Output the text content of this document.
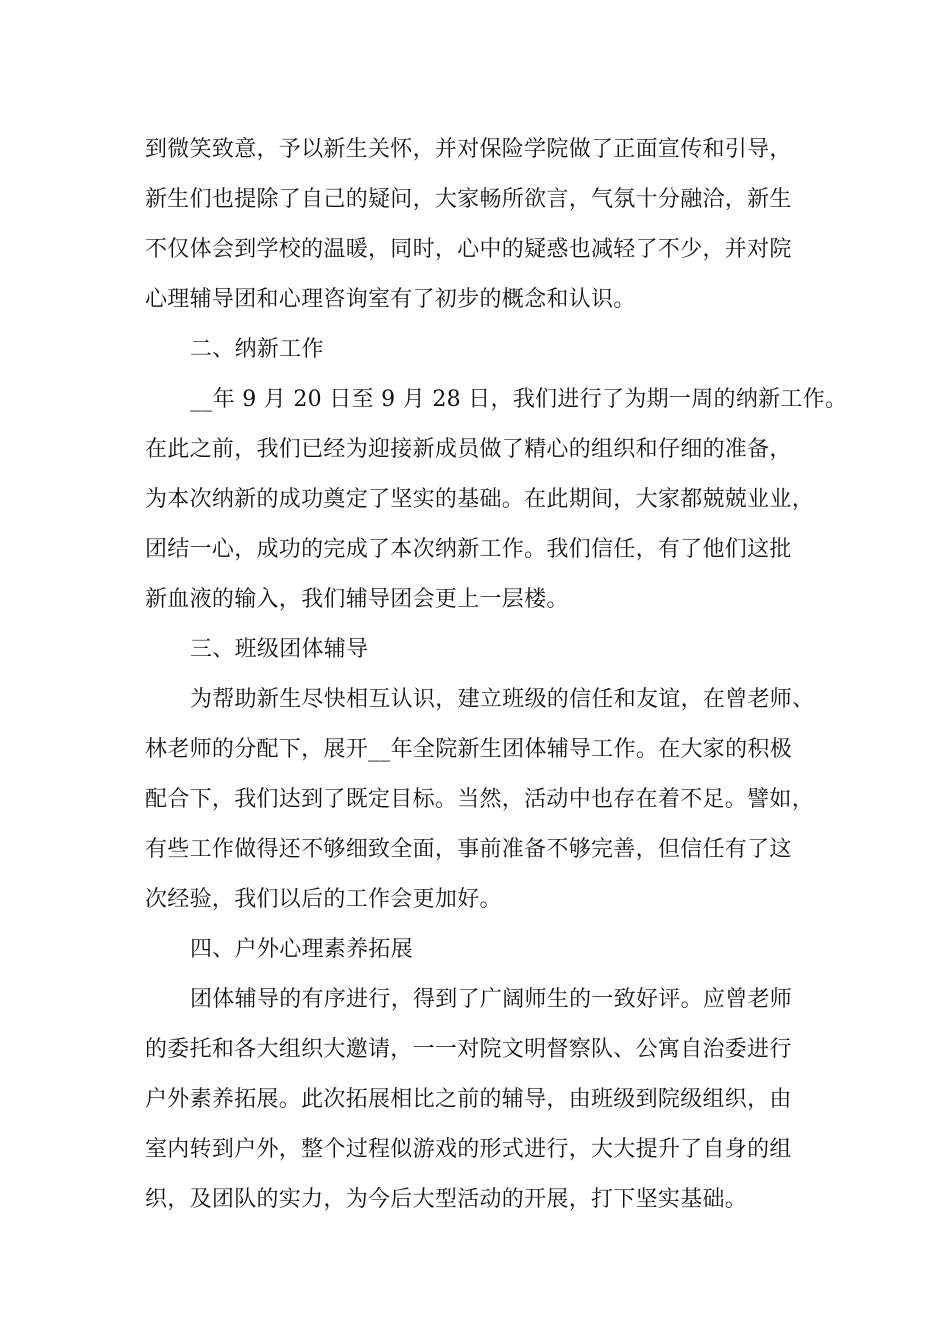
到微笑致意，予以新生关怀，并对保险学院做了正面宣传和引导，
新生们也提除了自己的疑问，大家畅所欲言，气氛十分融洽，新生
不仅体会到学校的温暖，同时，心中的疑惑也减轻了不少，并对院
心理辅导团和心理咨询室有了初步的概念和认识。
二、纳新工作
__年 9 月 20 日至 9 月 28 日，我们进行了为期一周的纳新工作。
在此之前，我们已经为迎接新成员做了精心的组织和仔细的准备，
为本次纳新的成功奠定了坚实的基础。在此期间，大家都兢兢业业，
团结一心，成功的完成了本次纳新工作。我们信任，有了他们这批
新血液的输入，我们辅导团会更上一层楼。
三、班级团体辅导
为帮助新生尽快相互认识，建立班级的信任和友谊，在曾老师、
林老师的分配下，展开__年全院新生团体辅导工作。在大家的积极
配合下，我们达到了既定目标。当然，活动中也存在着不足。譬如，
有些工作做得还不够细致全面，事前准备不够完善，但信任有了这
次经验，我们以后的工作会更加好。
四、户外心理素养拓展
团体辅导的有序进行，得到了广阔师生的一致好评。应曾老师
的委托和各大组织大邀请，一一对院文明督察队、公寓自治委进行
户外素养拓展。此次拓展相比之前的辅导，由班级到院级组织，由
室内转到户外，整个过程似游戏的形式进行，大大提升了自身的组
织，及团队的实力，为今后大型活动的开展，打下坚实基础。
